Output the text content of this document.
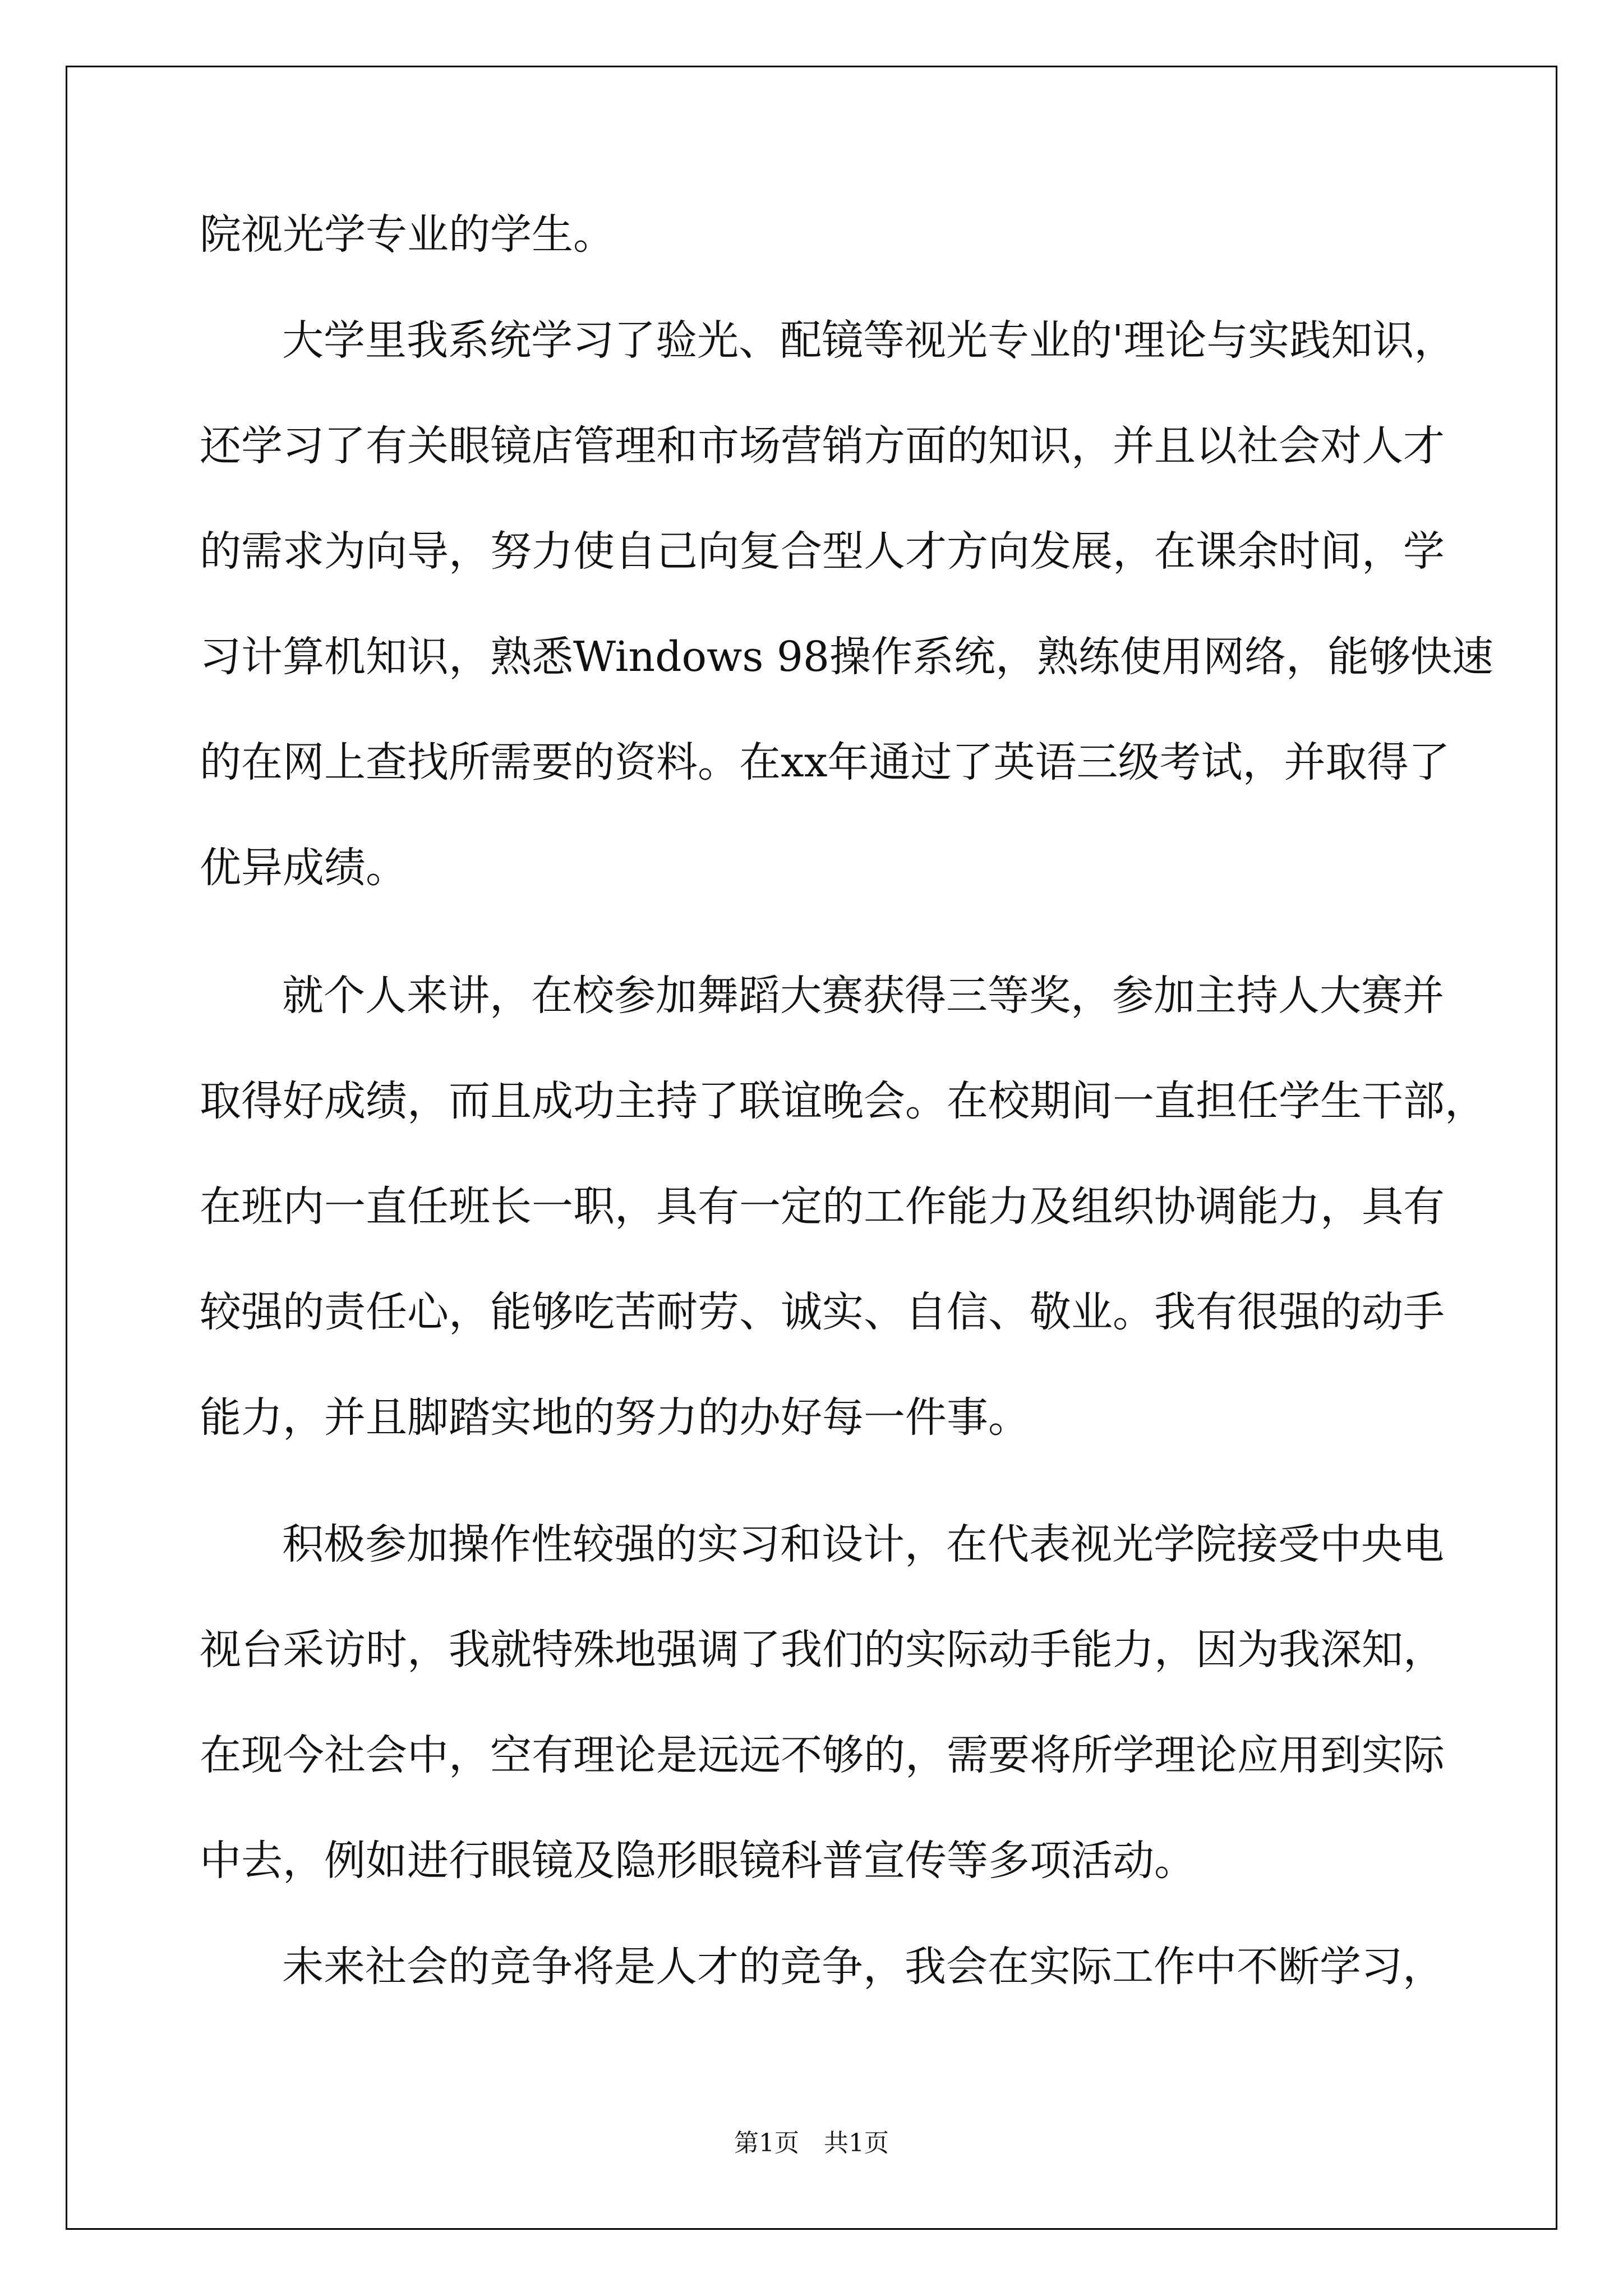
院视光学专业的学生。
大学里我系统学习了验光、配镜等视光专业的'理论与实践知识，
还学习了有关眼镜店管理和市场营销方面的知识，并且以社会对人才
的需求为向导，努力使自己向复合型人才方向发展，在课余时间，学
习计算机知识，熟悉Windows 98操作系统，熟练使用网络，能够快速
的在网上查找所需要的资料。在xx年通过了英语三级考试，并取得了
优异成绩。
就个人来讲，在校参加舞蹈大赛获得三等奖，参加主持人大赛并
取得好成绩，而且成功主持了联谊晚会。在校期间一直担任学生干部，
在班内一直任班长一职，具有一定的工作能力及组织协调能力，具有
较强的责任心，能够吃苦耐劳、诚实、自信、敬业。我有很强的动手
能力，并且脚踏实地的努力的办好每一件事。
积极参加操作性较强的实习和设计，在代表视光学院接受中央电
视台采访时，我就特殊地强调了我们的实际动手能力，因为我深知，
在现今社会中，空有理论是远远不够的，需要将所学理论应用到实际
中去，例如进行眼镜及隐形眼镜科普宣传等多项活动。
未来社会的竞争将是人才的竞争，我会在实际工作中不断学习，
第1页　共1页
